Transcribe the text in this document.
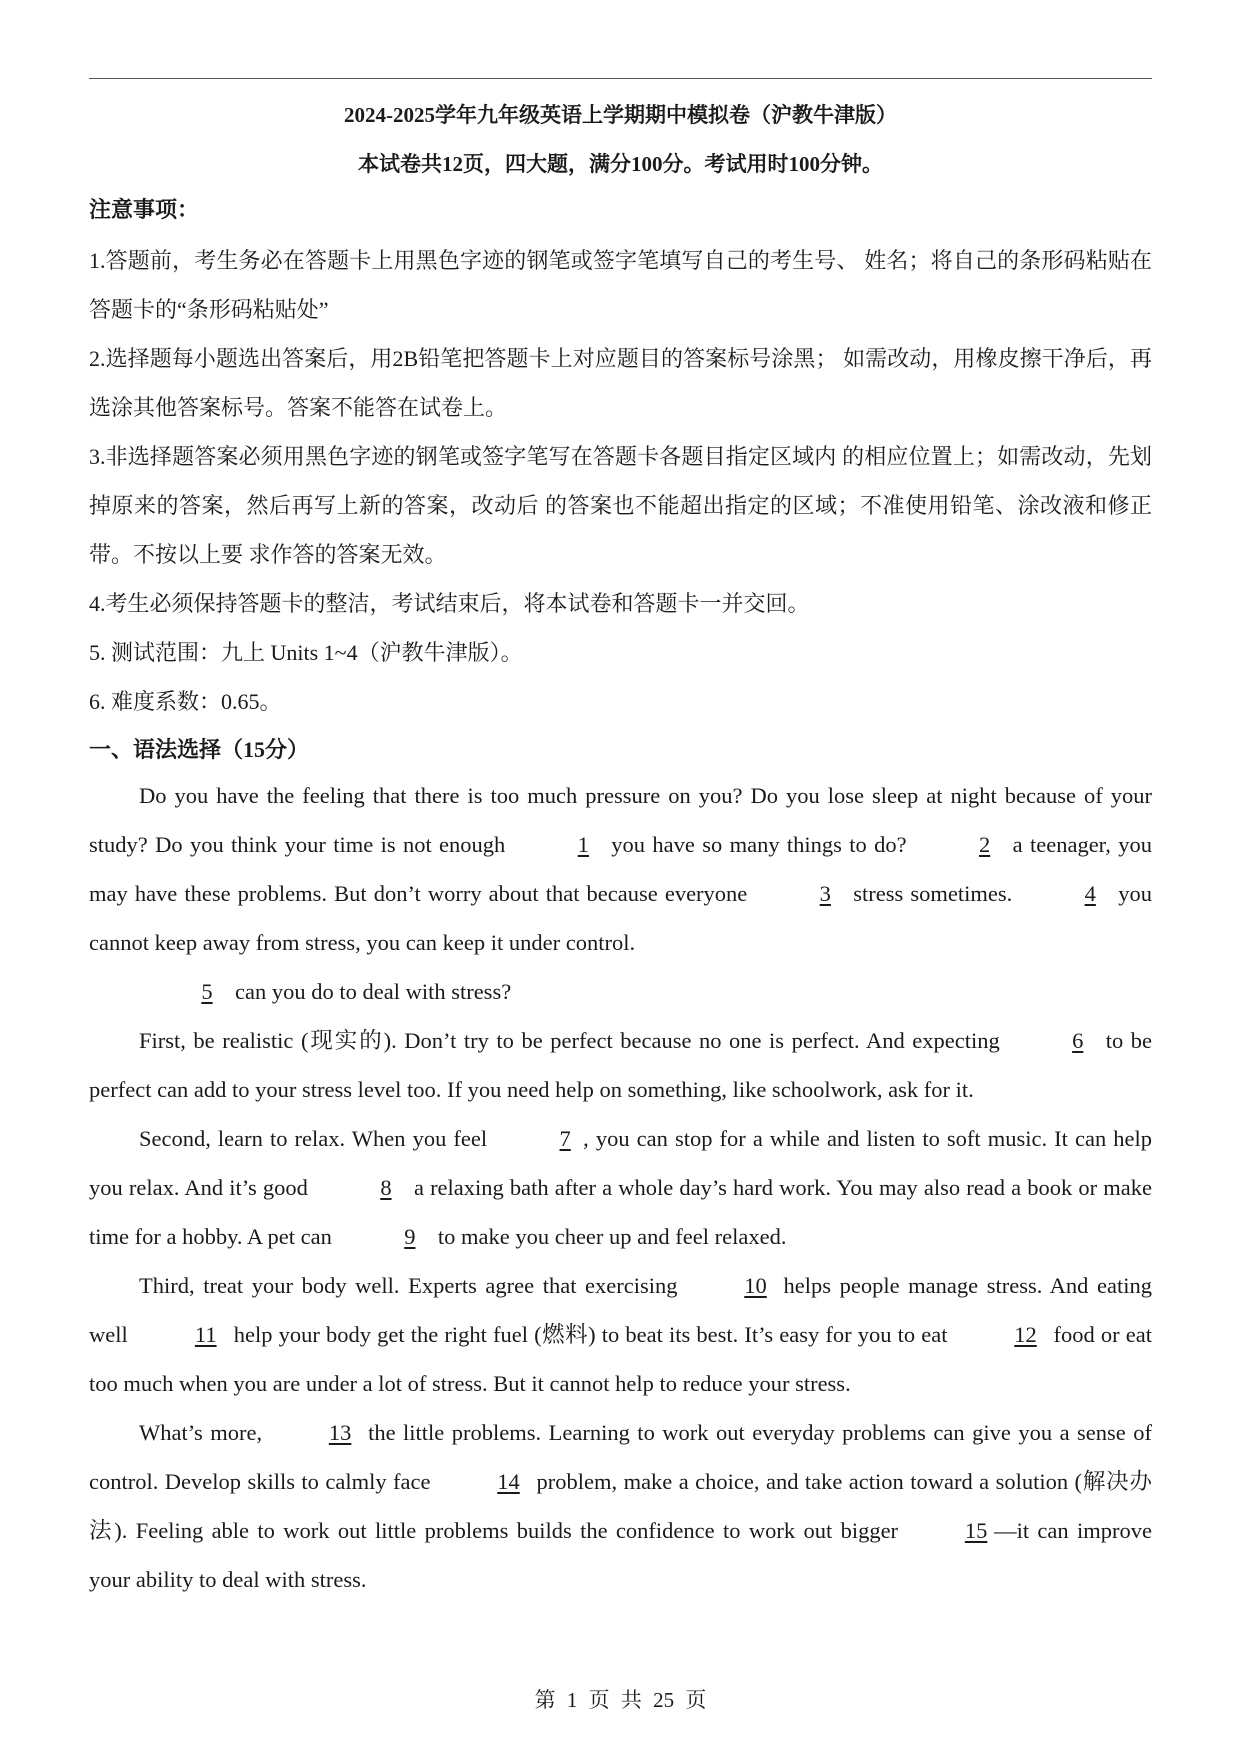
2024-2025学年九年级英语上学期期中模拟卷（沪教牛津版）
本试卷共12页，四大题，满分100分。考试用时100分钟。
注意事项：
1.答题前，考生务必在答题卡上用黑色字迹的钢笔或签字笔填写自己的考生号、 姓名；将自己的条形码粘贴在答题卡的“条形码粘贴处”
2.选择题每小题选出答案后，用2B铅笔把答题卡上对应题目的答案标号涂黑； 如需改动，用橡皮擦干净后，再选涂其他答案标号。答案不能答在试卷上。
3.非选择题答案必须用黑色字迹的钢笔或签字笔写在答题卡各题目指定区域内 的相应位置上；如需改动，先划掉原来的答案，然后再写上新的答案，改动后 的答案也不能超出指定的区域；不准使用铅笔、涂改液和修正带。不按以上要 求作答的答案无效。
4.考生必须保持答题卡的整洁，考试结束后，将本试卷和答题卡一并交回。
5. 测试范围：九上 Units 1~4（沪教牛津版）。
6. 难度系数：0.65。
一、语法选择（15分）

Do you have the feeling that there is too much pressure on you? Do you lose sleep at night because of your study? Do you think your time is not enough	1 you have so many things to do?	2 a teenager, you may have these problems. But don’t worry about that because everyone	3 stress sometimes.	4 you cannot keep away from stress, you can keep it under control.

5 can you do to deal with stress?

First, be realistic (现实的). Don’t try to be perfect because no one is perfect. And expecting	6 to be perfect can add to your stress level too. If you need help on something, like schoolwork, ask for it.

Second, learn to relax. When you feel	7 , you can stop for a while and listen to soft music. It can help you relax. And it’s good	8 a relaxing bath after a whole day’s hard work. You may also read a book or make time for a hobby. A pet can	9 to make you cheer up and feel relaxed.

Third, treat your body well. Experts agree that exercising	10 helps people manage stress. And eating well	11 help your body get the right fuel (燃料) to beat its best. It’s easy for you to eat	12 food or eat too much when you are under a lot of stress. But it cannot help to reduce your stress.

What’s more,	13 the little problems. Learning to work out everyday problems can give you a sense of control. Develop skills to calmly face	14 problem, make a choice, and take action toward a solution (解决办法). Feeling able to work out little problems builds the confidence to work out bigger	15 —it can improve your ability to deal with stress.

第 1 页 共 25 页
